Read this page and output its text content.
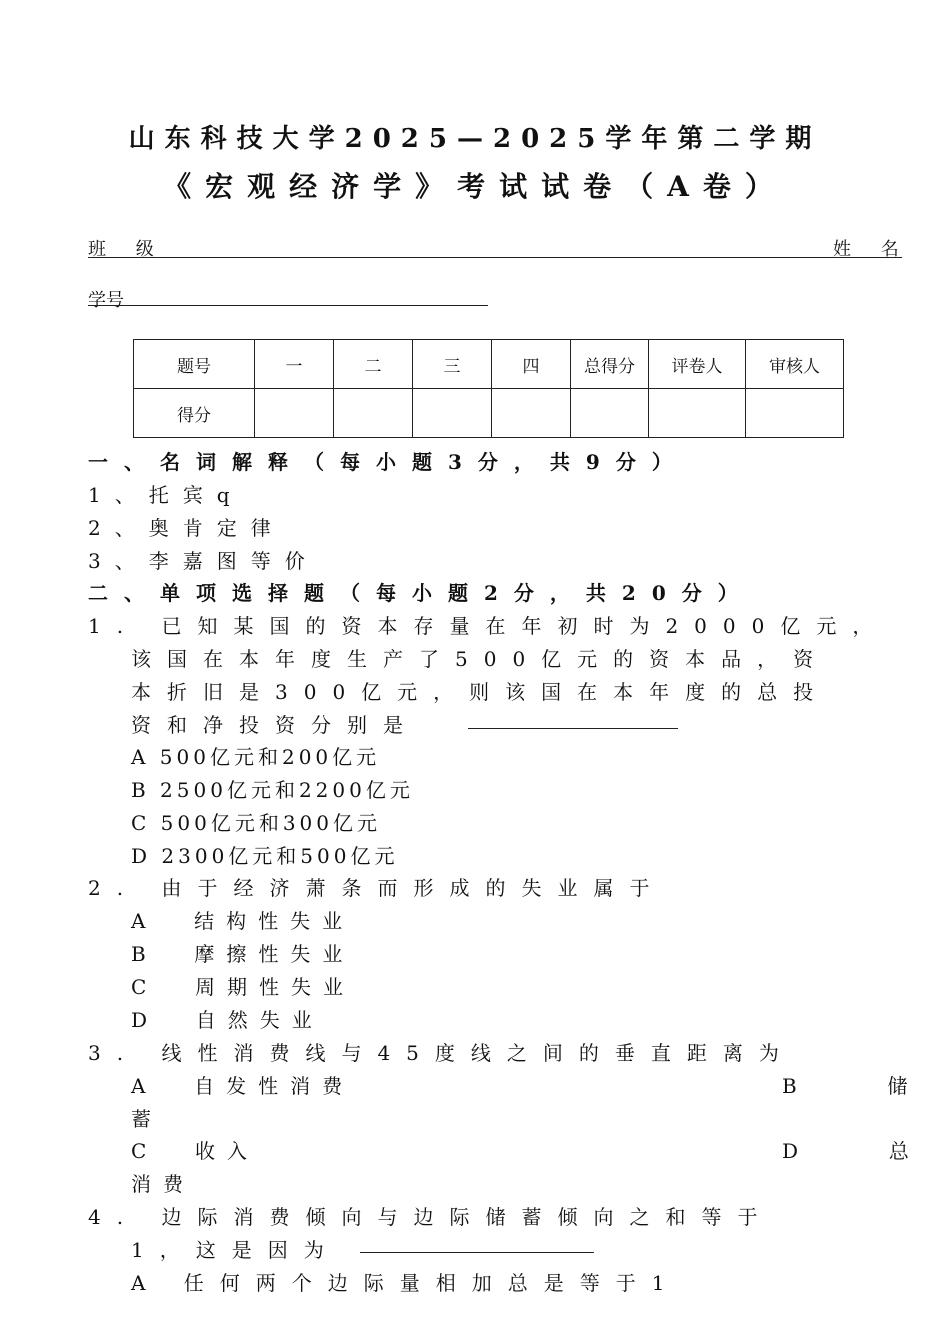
山东科技大学2025—2025学年第二学期
《宏观经济学》考试试卷（A卷）
班 级	姓 名
学号
题号	一	二	三	四	总得分	评卷人	审核人
得分							
一、名词解释（每小题3分，共9分）
1、托宾q
2、奥肯定律
3、李嘉图等价
二、单项选择题（每小题2分，共20分）
1. 已知某国的资本存量在年初时为2000亿元，
该国在本年度生产了500亿元的资本品，资
本折旧是300亿元，则该国在本年度的总投
资和净投资分别是
A 500亿元和200亿元
B 2500亿元和2200亿元
C 500亿元和300亿元
D 2300亿元和500亿元
2. 由于经济萧条而形成的失业属于
A  结构性失业
B  摩擦性失业
C  周期性失业
D  自然失业
3. 线性消费线与45度线之间的垂直距离为
A  自发性消费	B  储
蓄
C  收入	D  总
消费
4. 边际消费倾向与边际储蓄倾向之和等于
1，这是因为
A 任何两个边际量相加总是等于1
